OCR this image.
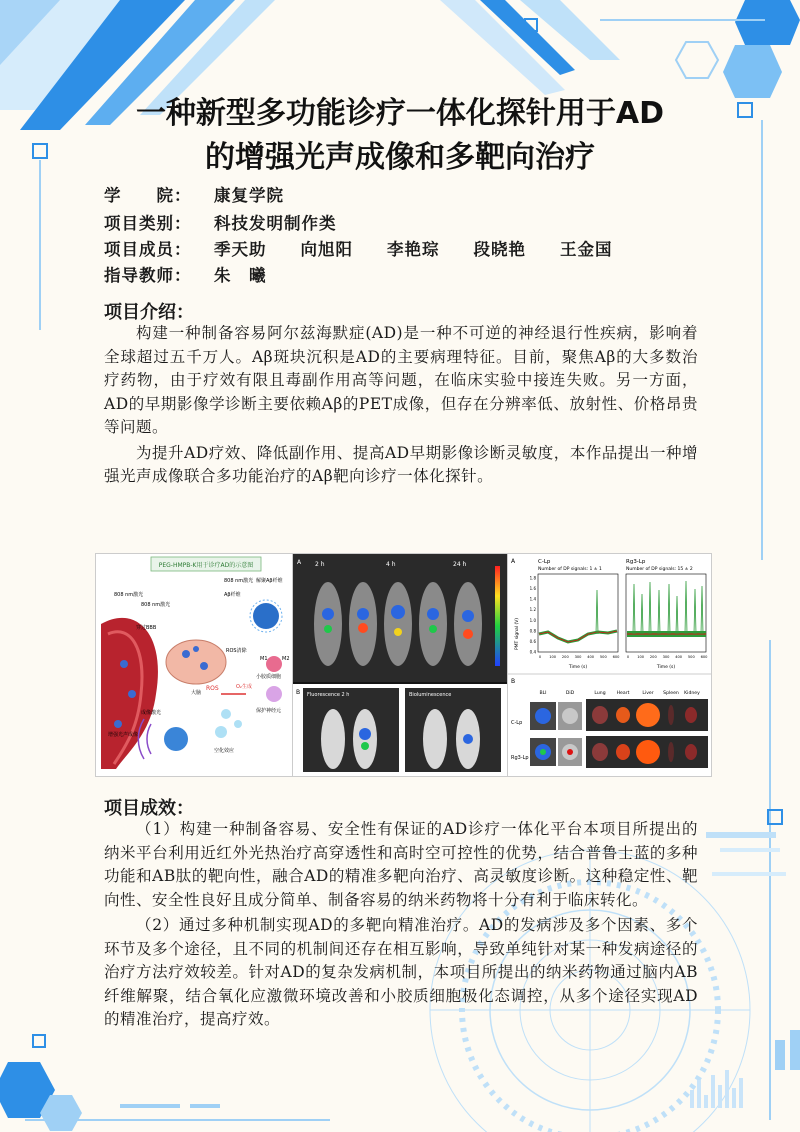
一种新型多功能诊疗一体化探针用于AD
的增强光声成像和多靶向治疗
学　　院： 康复学院
项目类别： 科技发明制作类
项目成员： 季天助 向旭阳 李艳琮 段晓艳 王金国
指导教师： 朱　曦
项目介绍：

构建一种制备容易阿尔兹海默症(AD)是一种不可逆的神经退行性疾病，影响着全球超过五千万人。Aβ斑块沉积是AD的主要病理特征。目前，聚焦Aβ的大多数治疗药物，由于疗效有限且毒副作用高等问题，在临床实验中接连失败。另一方面，AD的早期影像学诊断主要依赖Aβ的PET成像，但存在分辨率低、放射性、价格昂贵等问题。

为提升AD疗效、降低副作用、提高AD早期影像诊断灵敏度，本作品提出一种增强光声成像联合多功能治疗的Aβ靶向诊疗一体化探针。

PEG-HMPB-K用于诊疗AD的示意图
808 nm激光
808 nm激光
穿过BBB
Aβ纤维
解聚Aβ纤维
808 nm激光
ROS清除
ROS	O₂生成
M1	M2
小胶质细胞
大脑
保护神经元
成像激光
增强光声成像
空化效应
A 2 h	4 h	24 h
B Fluorescence 2 h	Bioluminescence
A	C-Lp
Number of DP signals: 1 ± 1
Rg3-Lp
Number of DP signals: 15 ± 2
PMT signal (V)
1.8
1.6
1.4
1.2
1.0
0.8
0.6
0.4
0 100 200 300 400 500 600 0 100 200 300 400 500 600
Time (s)	Time (s)
B
BLI	DiD	Lung Heart	Liver Spleen Kidney
C-Lp
Rg3-Lp
项目成效：

（1）构建一种制备容易、安全性有保证的AD诊疗一体化平台本项目所提出的纳米平台利用近红外光热治疗高穿透性和高时空可控性的优势，结合普鲁士蓝的多种功能和AB肽的靶向性，融合AD的精准多靶向治疗、高灵敏度诊断。这种稳定性、靶向性、安全性良好且成分简单、制备容易的纳米药物将十分有利于临床转化。

（2）通过多种机制实现AD的多靶向精准治疗。AD的发病涉及多个因素、多个环节及多个途径，且不同的机制间还存在相互影响，导致单纯针对某一种发病途径的治疗方法疗效较差。针对AD的复杂发病机制，本项目所提出的纳米药物通过脑内AB纤维解聚，结合氧化应激微环境改善和小胶质细胞极化态调控，从多个途径实现AD的精准治疗，提高疗效。
